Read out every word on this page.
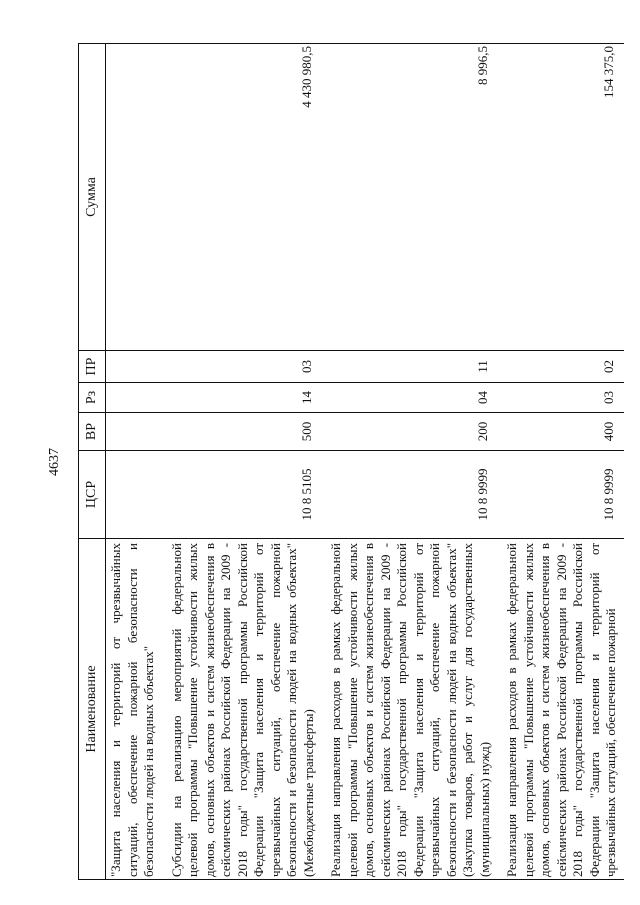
4637
Наименование	ЦСР	ВР	Рз	ПР	Сумма
"Защита населения и территорий от чрезвычайных ситуаций, обеспечение пожарной безопасности и безопасности людей на водных объектах"					

Субсидии на реализацию мероприятий федеральной целевой программы "Повышение устойчивости жилых домов, основных объектов и систем жизнеобеспечения в сейсмических районах Российской Федерации на 2009 - 2018 годы" государственной программы Российской Федерации "Защита населения и территорий от чрезвычайных ситуаций, обеспечение пожарной безопасности и безопасности людей на водных объектах" (Межбюджетные трансферты)	10 8 5105	500	14	03	4 430 980,5

Реализация направления расходов в рамках федеральной целевой программы "Повышение устойчивости жилых домов, основных объектов и систем жизнеобеспечения в сейсмических районах Российской Федерации на 2009 - 2018 годы" государственной программы Российской Федерации "Защита населения и территорий от чрезвычайных ситуаций, обеспечение пожарной безопасности и безопасности людей на водных объектах" (Закупка товаров, работ и услуг для государственных (муниципальных) нужд)	10 8 9999	200	04	11	8 996,5

Реализация направления расходов в рамках федеральной целевой программы "Повышение устойчивости жилых домов, основных объектов и систем жизнеобеспечения в сейсмических районах Российской Федерации на 2009 - 2018 годы" государственной программы Российской Федерации "Защита населения и территорий от чрезвычайных ситуаций, обеспечение пожарной	10 8 9999	400	03	02	154 375,0
